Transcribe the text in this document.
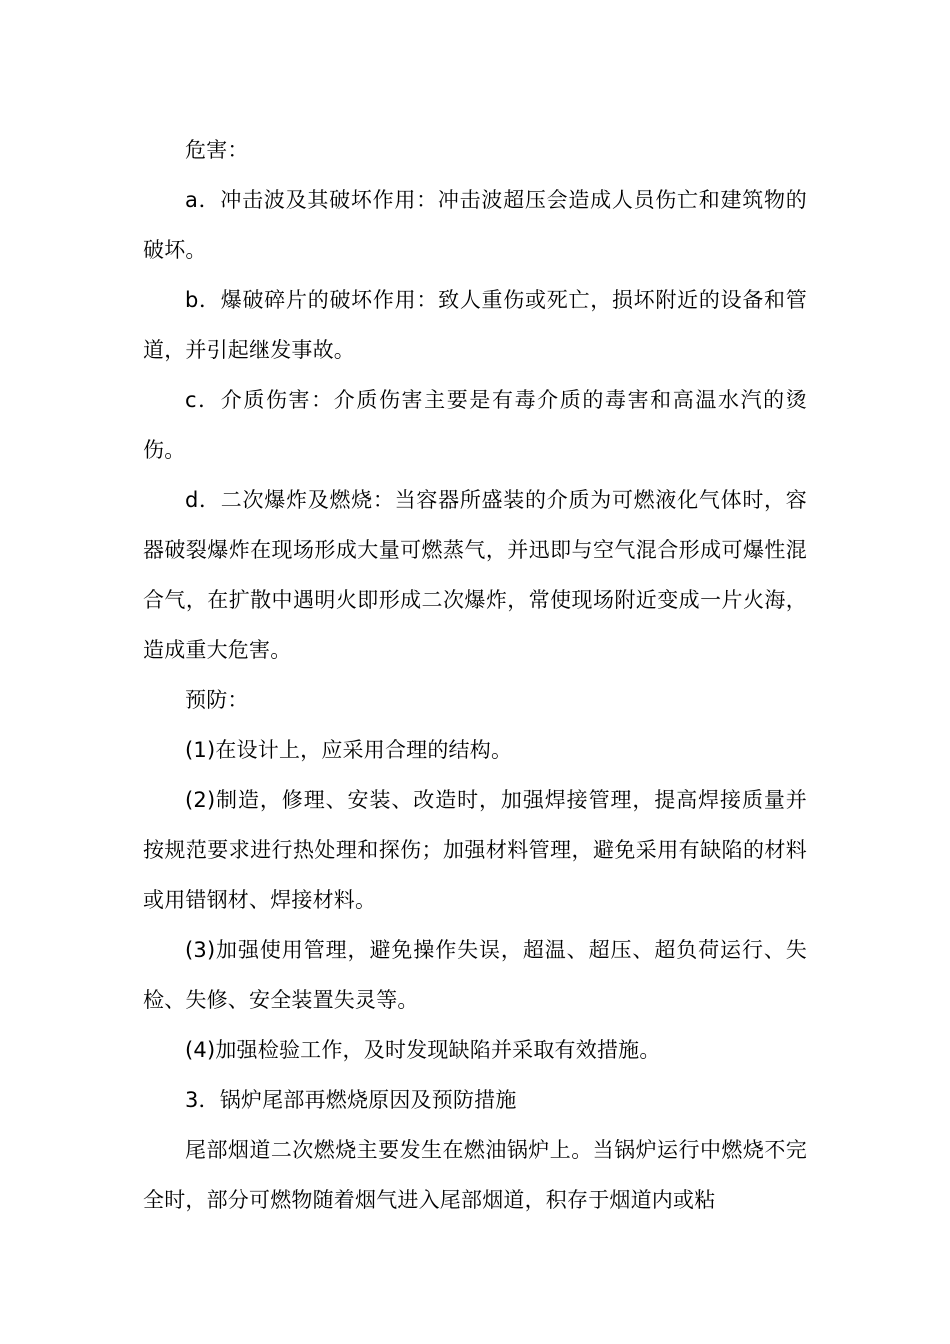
危害：

a．冲击波及其破坏作用：冲击波超压会造成人员伤亡和建筑物的破坏。

b．爆破碎片的破坏作用：致人重伤或死亡，损坏附近的设备和管道，并引起继发事故。

c．介质伤害：介质伤害主要是有毒介质的毒害和高温水汽的烫伤。

d．二次爆炸及燃烧：当容器所盛装的介质为可燃液化气体时，容器破裂爆炸在现场形成大量可燃蒸气，并迅即与空气混合形成可爆性混合气，在扩散中遇明火即形成二次爆炸，常使现场附近变成一片火海，造成重大危害。

预防：

(1)在设计上，应采用合理的结构。

(2)制造，修理、安装、改造时，加强焊接管理，提高焊接质量并按规范要求进行热处理和探伤；加强材料管理，避免采用有缺陷的材料或用错钢材、焊接材料。

(3)加强使用管理，避免操作失误，超温、超压、超负荷运行、失检、失修、安全装置失灵等。

(4)加强检验工作，及时发现缺陷并采取有效措施。

3．锅炉尾部再燃烧原因及预防措施

尾部烟道二次燃烧主要发生在燃油锅炉上。当锅炉运行中燃烧不完全时，部分可燃物随着烟气进入尾部烟道，积存于烟道内或粘
